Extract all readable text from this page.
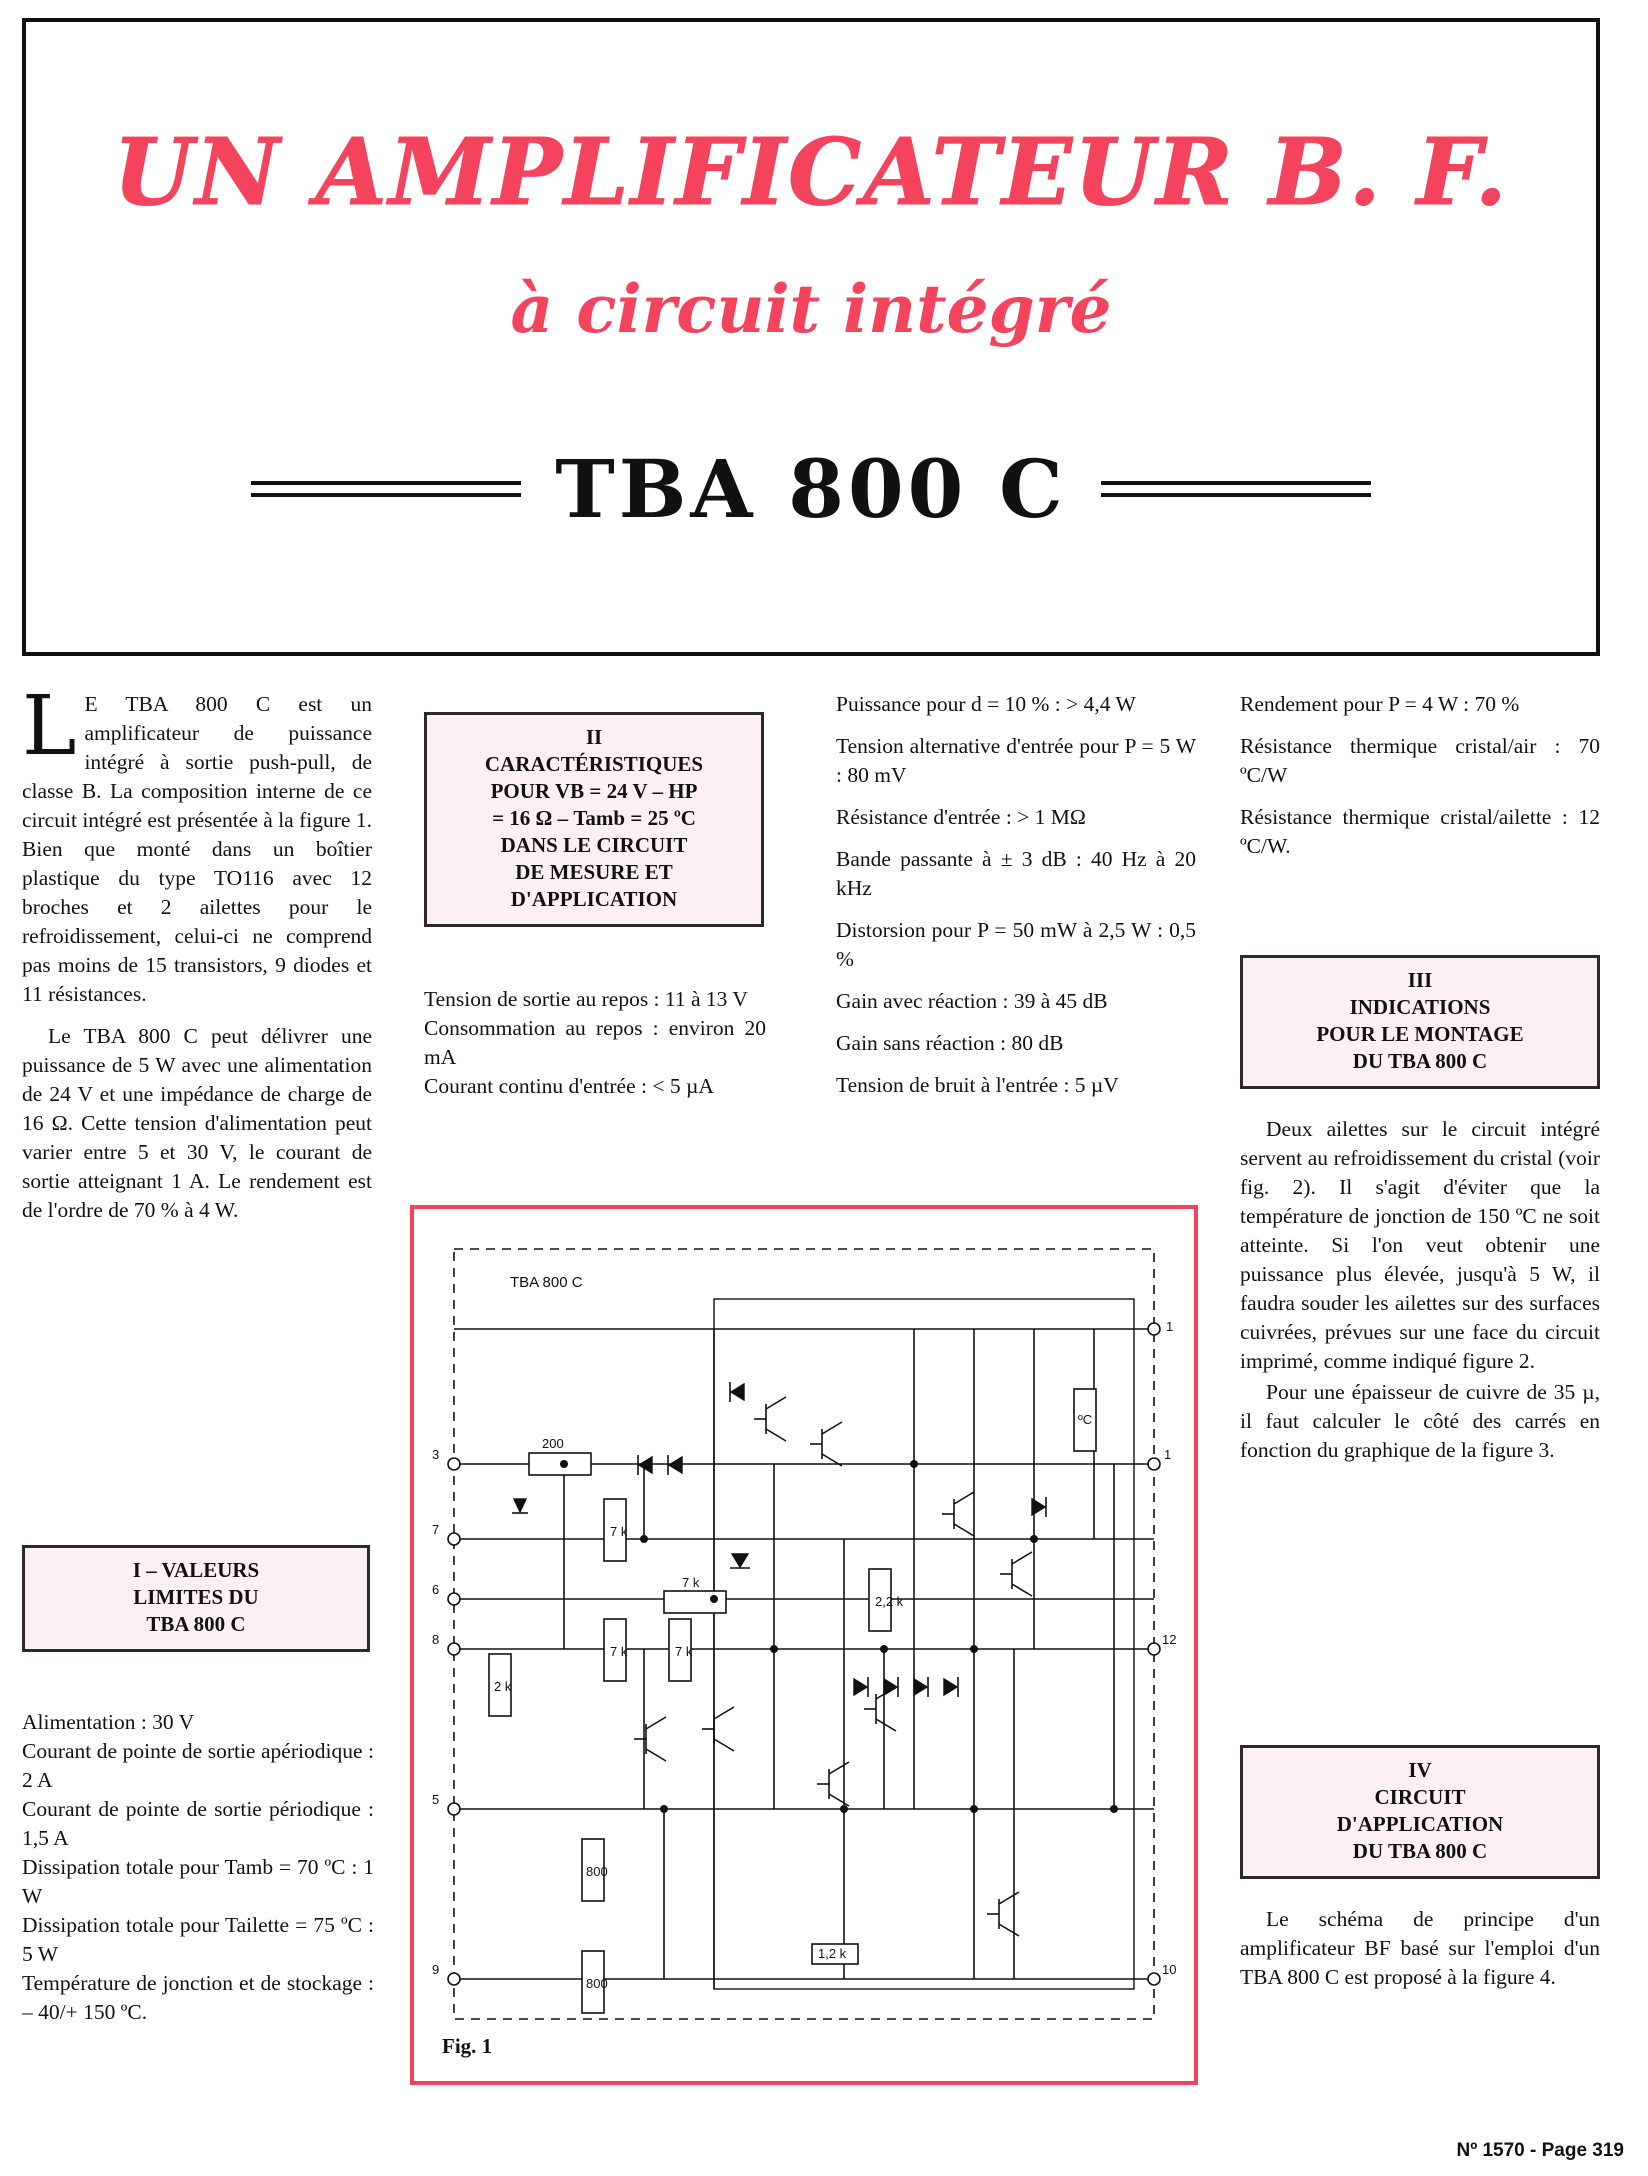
UN AMPLIFICATEUR B. F.
à circuit intégré
TBA 800 C

L E TBA 800 C est un amplificateur de puissance intégré à sortie push-pull, de classe B. La composition interne de ce circuit intégré est présentée à la figure 1. Bien que monté dans un boîtier plastique du type TO116 avec 12 broches et 2 ailettes pour le refroidissement, celui-ci ne comprend pas moins de 15 transistors, 9 diodes et 11 résistances.

Le TBA 800 C peut délivrer une puissance de 5 W avec une alimentation de 24 V et une impédance de charge de 16 Ω. Cette tension d'alimentation peut varier entre 5 et 30 V, le courant de sortie atteignant 1 A. Le rendement est de l'ordre de 70 % à 4 W.

I – VALEURS
LIMITES DU
TBA 800 C

Alimentation : 30 V

Courant de pointe de sortie apériodique : 2 A

Courant de pointe de sortie périodique : 1,5 A

Dissipation totale pour Tamb = 70 ºC : 1 W

Dissipation totale pour Tailette = 75 ºC : 5 W

Température de jonction et de stockage : – 40/+ 150 ºC.

II
CARACTÉRISTIQUES
POUR VB = 24 V – HP
= 16 Ω – Tamb = 25 ºC
DANS LE CIRCUIT
DE MESURE ET
D'APPLICATION

Tension de sortie au repos : 11 à 13 V

Consommation au repos : environ 20 mA

Courant continu d'entrée : < 5 µA

Puissance pour d = 10 % : > 4,4 W

Tension alternative d'entrée pour P = 5 W : 80 mV

Résistance d'entrée : > 1 MΩ

Bande passante à ± 3 dB : 40 Hz à 20 kHz

Distorsion pour P = 50 mW à 2,5 W : 0,5 %

Gain avec réaction : 39 à 45 dB

Gain sans réaction : 80 dB

Tension de bruit à l'entrée : 5 µV

Rendement pour P = 4 W : 70 %

Résistance thermique cristal/air : 70 ºC/W

Résistance thermique cristal/ailette : 12 ºC/W.

III
INDICATIONS
POUR LE MONTAGE
DU TBA 800 C

Deux ailettes sur le circuit intégré servent au refroidissement du cristal (voir fig. 2). Il s'agit d'éviter que la température de jonction de 150 ºC ne soit atteinte. Si l'on veut obtenir une puissance plus élevée, jusqu'à 5 W, il faudra souder les ailettes sur des surfaces cuivrées, prévues sur une face du circuit imprimé, comme indiqué figure 2.

Pour une épaisseur de cuivre de 35 µ, il faut calculer le côté des carrés en fonction du graphique de la figure 3.

IV
CIRCUIT
D'APPLICATION
DU TBA 800 C

Le schéma de principe d'un amplificateur BF basé sur l'emploi d'un TBA 800 C est proposé à la figure 4.

3
7
6
8
5
9
1
1
12
10
200
7 k
7 k
7 k	7 k
2 k
800
800
2,2 k
1,2 k
ºC
TBA 800 C
Fig. 1
Nº 1570 - Page 319
